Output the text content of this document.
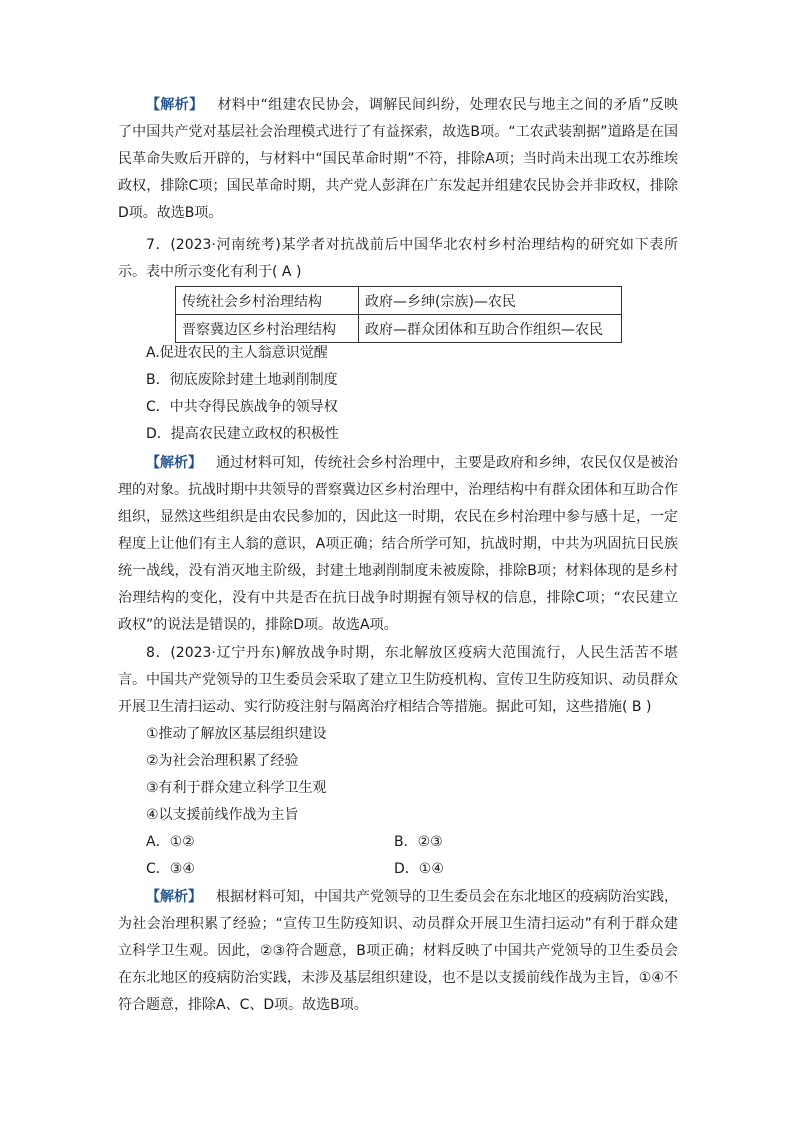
【解析】 材料中“组建农民协会，调解民间纠纷，处理农民与地主之间的矛盾”反映了中国共产党对基层社会治理模式进行了有益探索，故选B项。“工农武装割据”道路是在国民革命失败后开辟的，与材料中“国民革命时期”不符，排除A项；当时尚未出现工农苏维埃政权，排除C项；国民革命时期，共产党人彭湃在广东发起并组建农民协会并非政权，排除D项。故选B项。
7．(2023·河南统考)某学者对抗战前后中国华北农村乡村治理结构的研究如下表所示。表中所示变化有利于( A )
传统社会乡村治理结构	政府—乡绅(宗族)—农民
晋察冀边区乡村治理结构	政府—群众团体和互助合作组织—农民
A.促进农民的主人翁意识觉醒
B．彻底废除封建土地剥削制度
C．中共夺得民族战争的领导权
D．提高农民建立政权的积极性
【解析】 通过材料可知，传统社会乡村治理中，主要是政府和乡绅，农民仅仅是被治理的对象。抗战时期中共领导的晋察冀边区乡村治理中，治理结构中有群众团体和互助合作组织，显然这些组织是由农民参加的，因此这一时期，农民在乡村治理中参与感十足，一定程度上让他们有主人翁的意识，A项正确；结合所学可知，抗战时期，中共为巩固抗日民族统一战线，没有消灭地主阶级，封建土地剥削制度未被废除，排除B项；材料体现的是乡村治理结构的变化，没有中共是否在抗日战争时期握有领导权的信息，排除C项；“农民建立政权”的说法是错误的，排除D项。故选A项。
8．(2023·辽宁丹东)解放战争时期，东北解放区疫病大范围流行，人民生活苦不堪言。中国共产党领导的卫生委员会采取了建立卫生防疫机构、宣传卫生防疫知识、动员群众开展卫生清扫运动、实行防疫注射与隔离治疗相结合等措施。据此可知，这些措施( B )
①推动了解放区基层组织建设
②为社会治理积累了经验
③有利于群众建立科学卫生观
④以支援前线作战为主旨
A．①②	B．②③
C．③④	D．①④
【解析】 根据材料可知，中国共产党领导的卫生委员会在东北地区的疫病防治实践，为社会治理积累了经验；“宣传卫生防疫知识、动员群众开展卫生清扫运动”有利于群众建立科学卫生观。因此，②③符合题意，B项正确；材料反映了中国共产党领导的卫生委员会在东北地区的疫病防治实践，未涉及基层组织建设，也不是以支援前线作战为主旨，①④不符合题意，排除A、C、D项。故选B项。
